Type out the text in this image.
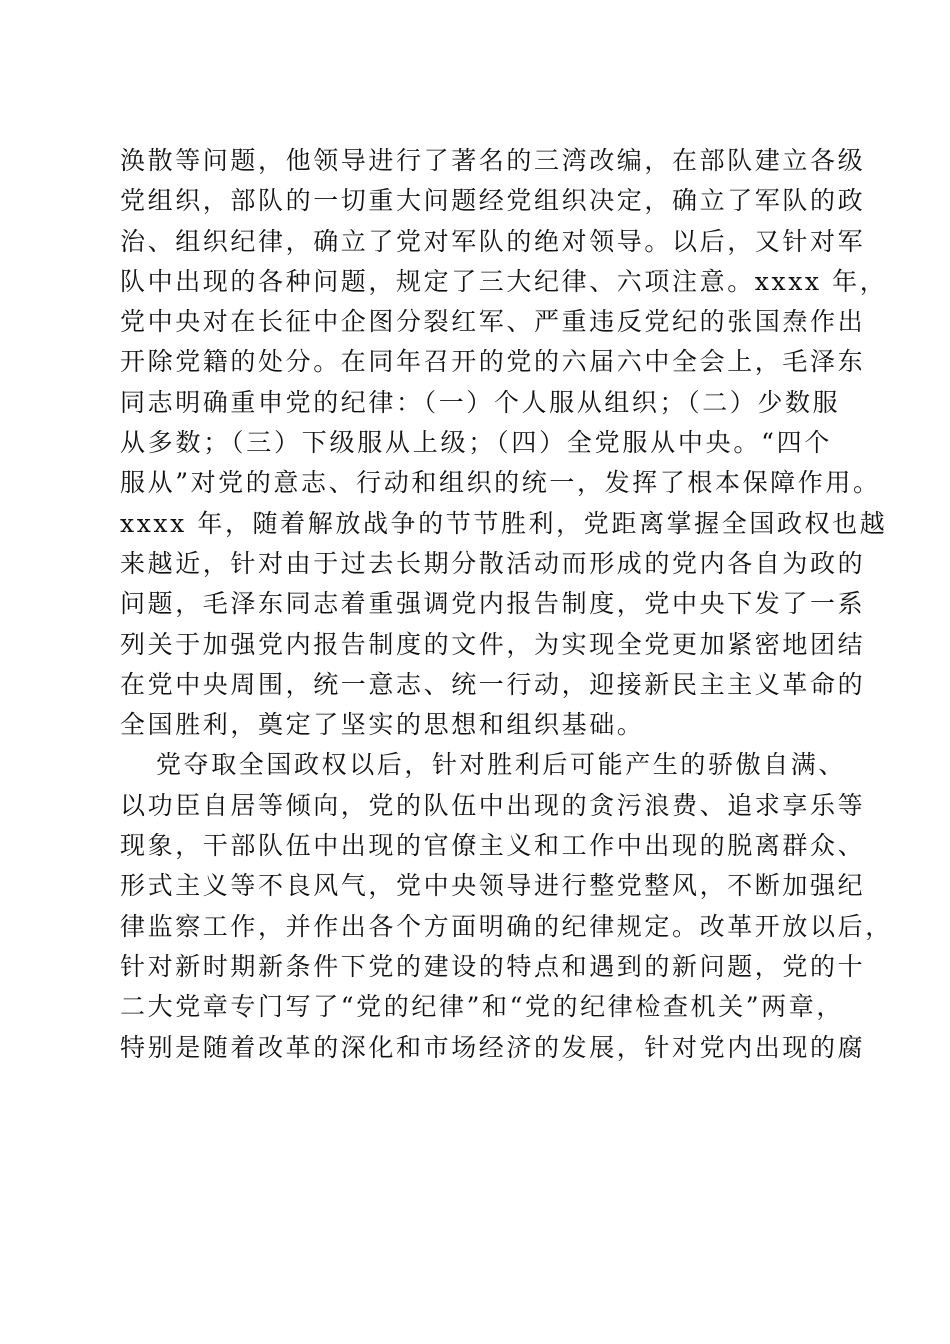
涣散等问题，他领导进行了著名的三湾改编，在部队建立各级
党组织，部队的一切重大问题经党组织决定，确立了军队的政
治、组织纪律，确立了党对军队的绝对领导。以后，又针对军
队中出现的各种问题，规定了三大纪律、六项注意。xxxx 年，
党中央对在长征中企图分裂红军、严重违反党纪的张国焘作出
开除党籍的处分。在同年召开的党的六届六中全会上，毛泽东
同志明确重申党的纪律：（一）个人服从组织；（二）少数服
从多数；（三）下级服从上级；（四）全党服从中央。“四个
服从”对党的意志、行动和组织的统一，发挥了根本保障作用。
xxxx 年，随着解放战争的节节胜利，党距离掌握全国政权也越
来越近，针对由于过去长期分散活动而形成的党内各自为政的
问题，毛泽东同志着重强调党内报告制度，党中央下发了一系
列关于加强党内报告制度的文件，为实现全党更加紧密地团结
在党中央周围，统一意志、统一行动，迎接新民主主义革命的
全国胜利，奠定了坚实的思想和组织基础。
党夺取全国政权以后，针对胜利后可能产生的骄傲自满、
以功臣自居等倾向，党的队伍中出现的贪污浪费、追求享乐等
现象，干部队伍中出现的官僚主义和工作中出现的脱离群众、
形式主义等不良风气，党中央领导进行整党整风，不断加强纪
律监察工作，并作出各个方面明确的纪律规定。改革开放以后，
针对新时期新条件下党的建设的特点和遇到的新问题，党的十
二大党章专门写了“党的纪律”和“党的纪律检查机关”两章，
特别是随着改革的深化和市场经济的发展，针对党内出现的腐
